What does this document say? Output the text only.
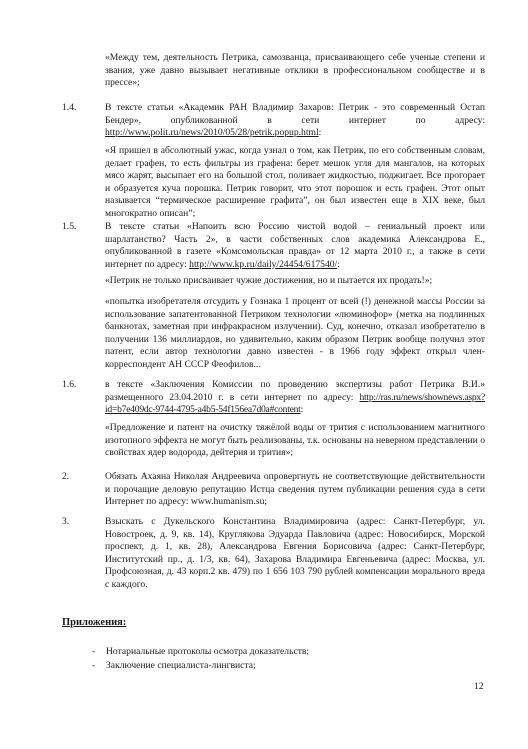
«Между тем, деятельность Петрика, самозванца, присваивающего себе ученые степени и звания, уже давно вызывает негативные отклики в профессиональном сообществе и в прессе»;
1.4.	В тексте статьи «Академик РАН Владимир Захаров: Петрик - это современный Остап Бендер», опубликованной в сети интернет по адресу: http://www.polit.ru/news/2010/05/28/petrik.popup.html:
«Я пришел в абсолютный ужас, когда узнал о том, как Петрик, по его собственным словам, делает графен, то есть фильтры из графена: берет мешок угля для мангалов, на которых мясо жарят, высыпает его на большой стол, поливает жидкостью, поджигает. Все прогорает и образуется куча порошка. Петрик говорит, что этот порошок и есть графен. Этот опыт называется “термическое расширение графита”, он был известен еще в XIX веке, был многократно описан”;
1.5.	В тексте статьи «Напоить всю Россию чистой водой – гениальный проект или шарлатанство? Часть 2», в части собственных слов академика Александрова Е., опубликованной в газете «Комсомольская правда» от 12 марта 2010 г., а также в сети интернет по адресу: http://www.kp.ru/daily/24454/617540/:
«Петрик не только присваивает чужие достижения, но и пытается их продать!»;
«попытка изобретателя отсудить у Гознака 1 процент от всей (!) денежной массы России за использование запатентованной Петриком технологии «люминофор» (метка на подлинных банкнотах, заметная при инфракрасном излучении). Суд, конечно, отказал изобретателю в получении 136 миллиардов, но удивительно, каким образом Петрик вообще получил этот патент, если автор технологии давно известен - в 1966 году эффект открыл член-корреспондент АН СССР Феофилов...
1.6.	в тексте «Заключения Комиссии по проведению экспертизы работ Петрика В.И.» размещенного 23.04.2010 г. в сети интернет по адресу: http://ras.ru/news/shownews.aspx?id=b7e409dc-9744-4795-a4b5-54f156ea7d0a#content:
«Предложение и патент на очистку тяжёлой воды от трития с использованием магнитного изотопного эффекта не могут быть реализованы, т.к. основаны на неверном представлении о свойствах ядер водорода, дейтерия и трития»;
2.	Обязать Ахаяна Николая Андреевича опровергнуть не соответствующие действительности и порочащие деловую репутацию Истца сведения путем публикации решения суда в сети Интернет по адресу: www.humanism.su;
3.	Взыскать с Дукельского Константина Владимировича (адрес: Санкт-Петербург, ул. Новостроек, д. 9, кв. 14), Круглякова Эдуарда Павловича (адрес: Новосибирск, Морской проспект, д. 1, кв. 28), Александрова Евгения Борисовича (адрес: Санкт-Петербург, Институтский пр., д. 1/3, кв. 64), Захарова Владимира Евгеньевича (адрес: Москва, ул. Профсоюзная, д. 43 корп.2 кв. 479) по 1 656 103 790 рублей компенсации морального вреда с каждого.
Приложения:
- Нотариальные протоколы осмотра доказательств;
- Заключение специалиста-лингвиста;
12
